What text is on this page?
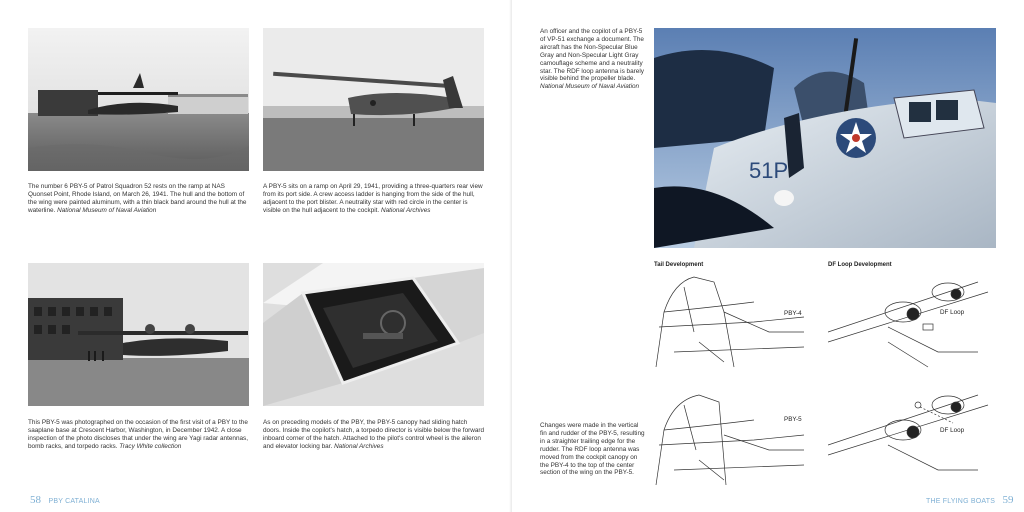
The number 6 PBY-5 of Patrol Squadron 52 rests on the ramp at NAS Quonset Point, Rhode Island, on March 26, 1941. The hull and the bottom of the wing were painted aluminum, with a thin black band around the hull at the waterline. National Museum of Naval Aviation
A PBY-5 sits on a ramp on April 29, 1941, providing a three-quarters rear view from its port side. A crew access ladder is hanging from the side of the hull, adjacent to the port blister. A neutrality star with red circle in the center is visible on the hull adjacent to the cockpit. National Archives
This PBY-5 was photographed on the occasion of the first visit of a PBY to the saaplane base at Crescent Harbor, Washington, in December 1942. A close inspection of the photo discloses that under the wing are Yagi radar antennas, bomb racks, and torpedo racks. Tracy White collection
As on preceding models of the PBY, the PBY-5 canopy had sliding hatch doors. Inside the copilot's hatch, a torpedo director is visible below the forward inboard corner of the hatch. Attached to the pilot's control wheel is the aileron and elevator locking bar. National Archives
58 PBY CATALINA
An officer and the copilot of a PBY-5 of VP-51 exchange a document. The aircraft has the Non-Specular Blue Gray and Non-Specular Light Gray camouflage scheme and a neutrality star. The RDF loop antenna is barely visible behind the propeller blade. National Museum of Naval Aviation
51P
Tail Development
PBY-4
PBY-5
DF Loop Development
DF Loop
DF Loop
Changes were made in the vertical fin and rudder of the PBY-5, resulting in a straighter trailing edge for the rudder. The RDF loop antenna was moved from the cockpit canopy on the PBY-4 to the top of the center section of the wing on the PBY-5.
THE FLYING BOATS 59
